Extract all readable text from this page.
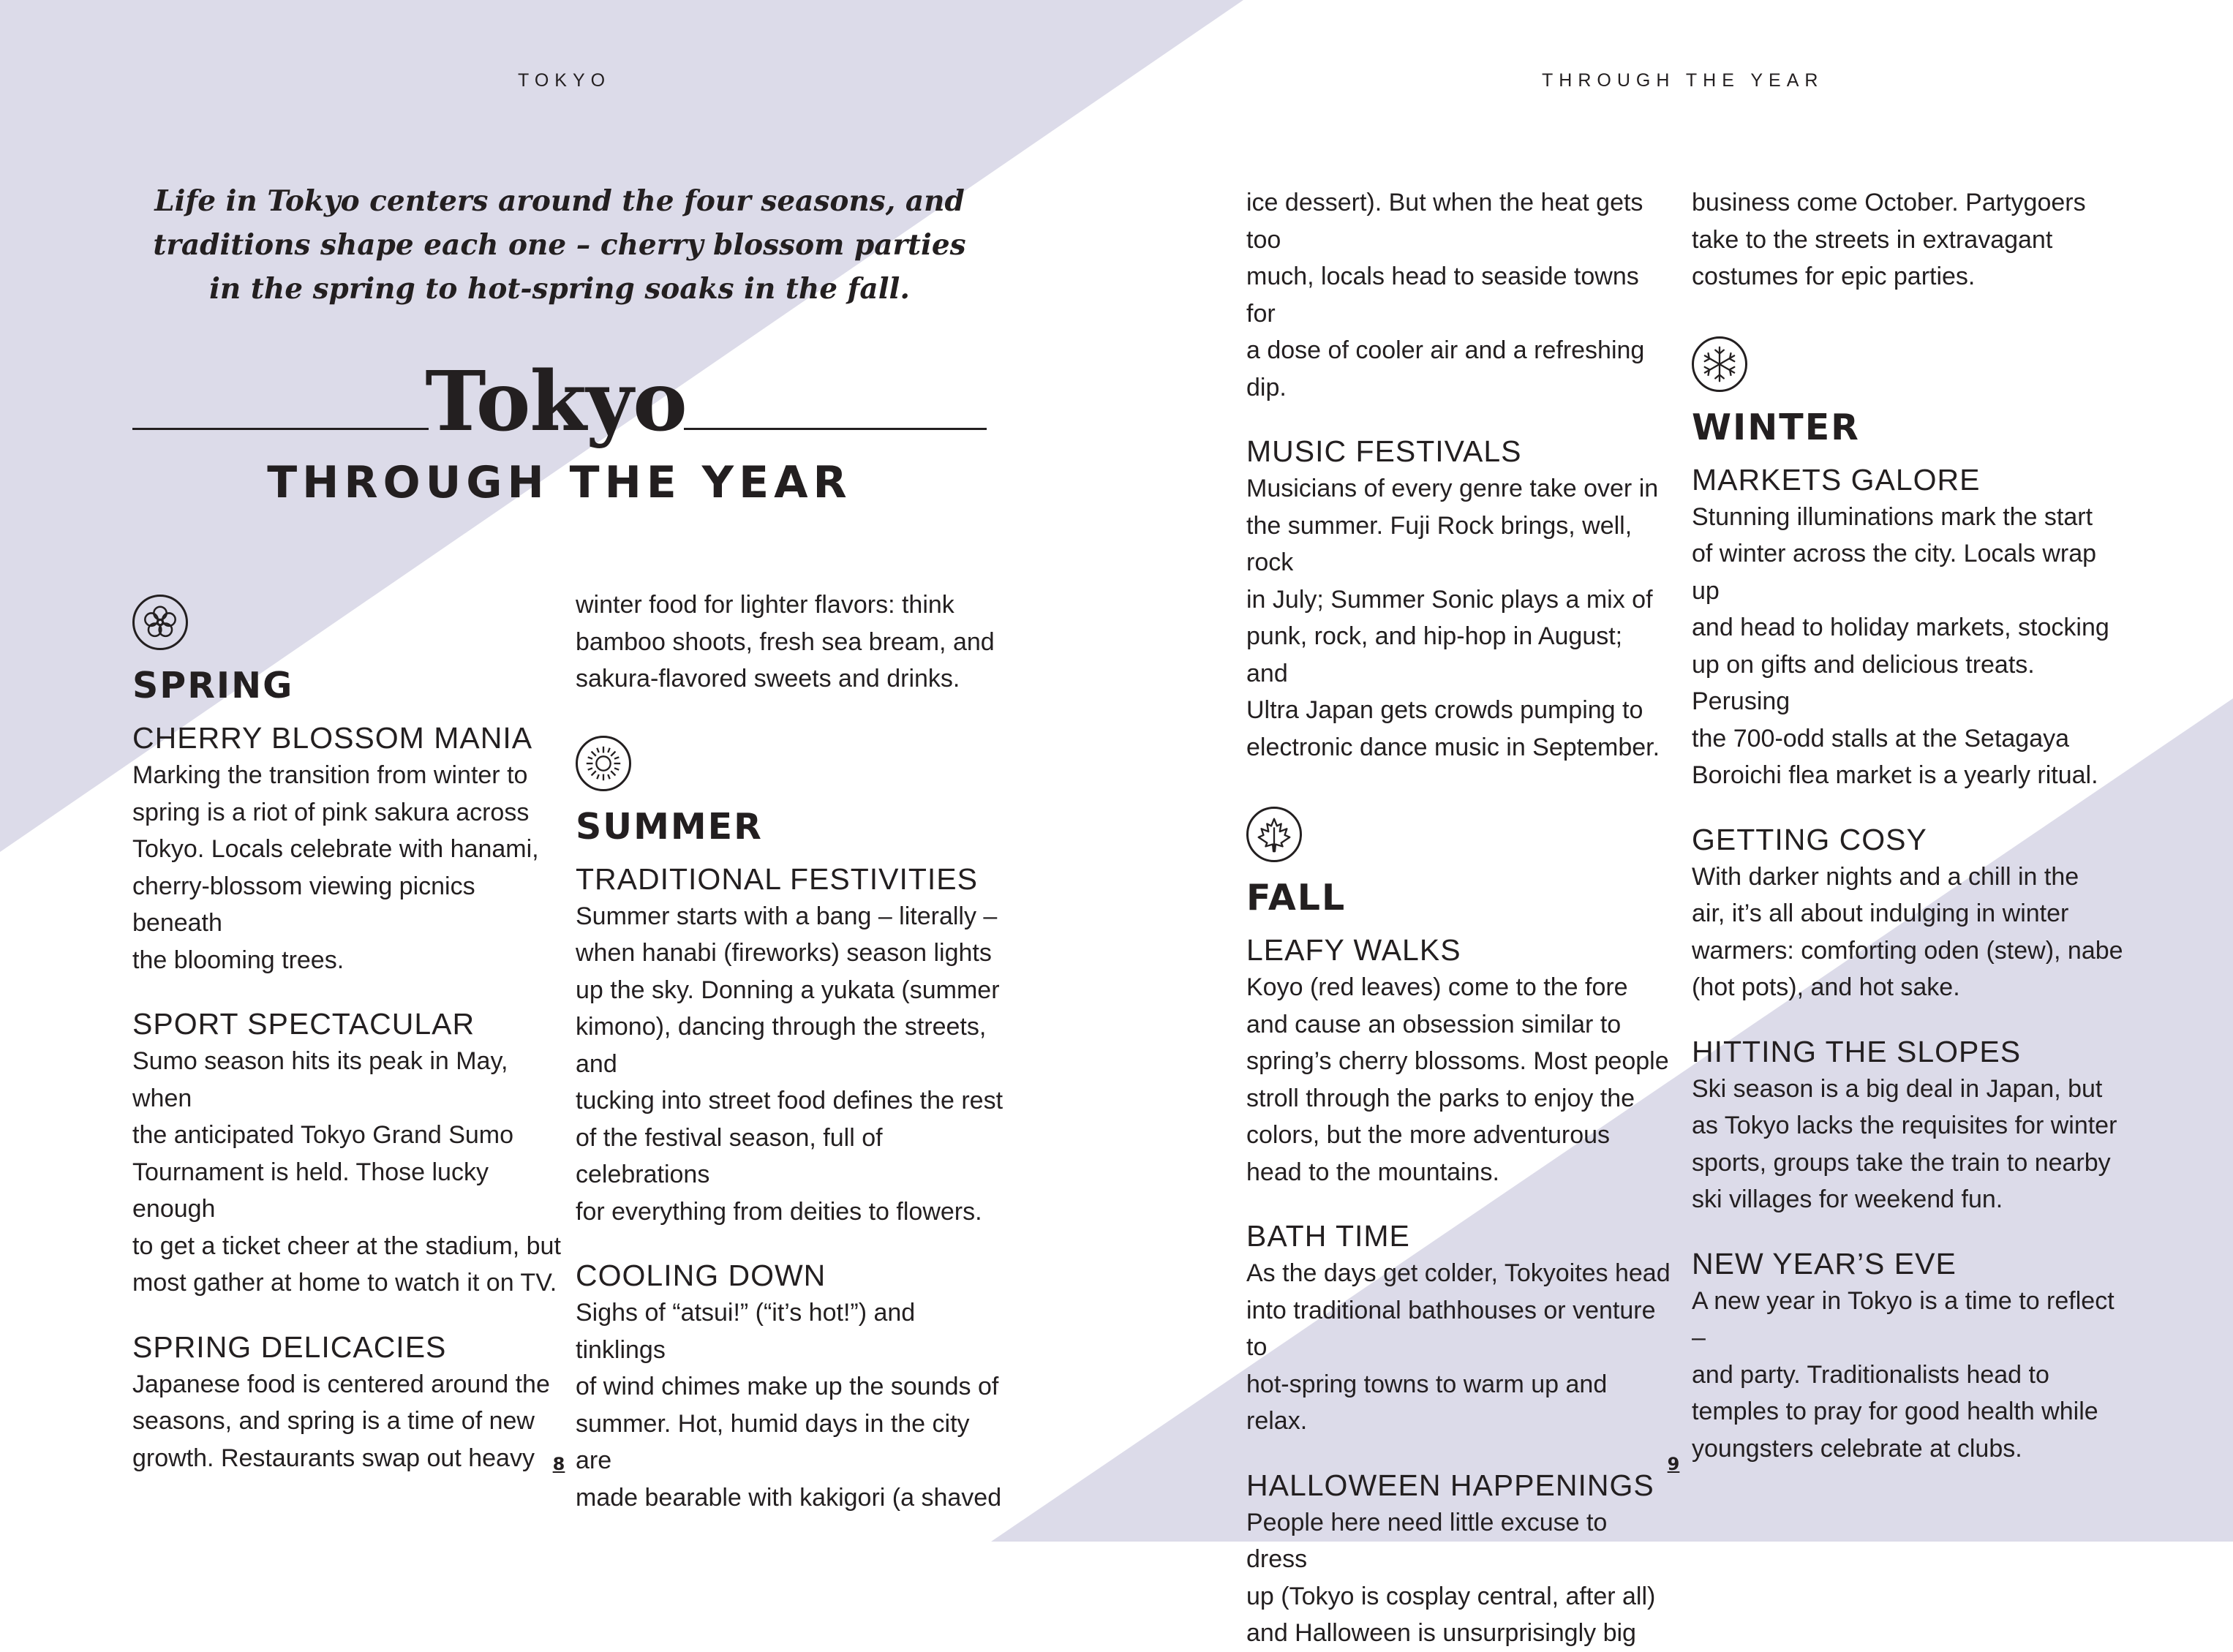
TOKYO	THROUGH THE YEAR
Life in Tokyo centers around the four seasons, and traditions shape each one – cherry blossom parties in the spring to hot-spring soaks in the fall.
Tokyo
THROUGH THE YEAR
SPRING
CHERRY BLOSSOM MANIA

Marking the transition from winter to
spring is a riot of pink sakura across
Tokyo. Locals celebrate with hanami,
cherry-blossom viewing picnics beneath
the blooming trees.

SPORT SPECTACULAR

Sumo season hits its peak in May, when
the anticipated Tokyo Grand Sumo
Tournament is held. Those lucky enough
to get a ticket cheer at the stadium, but
most gather at home to watch it on TV.

SPRING DELICACIES

Japanese food is centered around the
seasons, and spring is a time of new
growth. Restaurants swap out heavy

winter food for lighter flavors: think
bamboo shoots, fresh sea bream, and
sakura-flavored sweets and drinks.

SUMMER
TRADITIONAL FESTIVITIES

Summer starts with a bang – literally –
when hanabi (fireworks) season lights
up the sky. Donning a yukata (summer
kimono), dancing through the streets, and
tucking into street food defines the rest
of the festival season, full of celebrations
for everything from deities to flowers.

COOLING DOWN

Sighs of “atsui!” (“it’s hot!”) and tinklings
of wind chimes make up the sounds of
summer. Hot, humid days in the city are
made bearable with kakigori (a shaved

ice dessert). But when the heat gets too
much, locals head to seaside towns for
a dose of cooler air and a refreshing dip.

MUSIC FESTIVALS

Musicians of every genre take over in
the summer. Fuji Rock brings, well, rock
in July; Summer Sonic plays a mix of
punk, rock, and hip-hop in August; and
Ultra Japan gets crowds pumping to
electronic dance music in September.

FALL
LEAFY WALKS

Koyo (red leaves) come to the fore
and cause an obsession similar to
spring’s cherry blossoms. Most people
stroll through the parks to enjoy the
colors, but the more adventurous
head to the mountains.

BATH TIME

As the days get colder, Tokyoites head
into traditional bathhouses or venture to
hot-spring towns to warm up and relax.

HALLOWEEN HAPPENINGS

People here need little excuse to dress
up (Tokyo is cosplay central, after all)
and Halloween is unsurprisingly big

business come October. Partygoers
take to the streets in extravagant
costumes for epic parties.

WINTER
MARKETS GALORE

Stunning illuminations mark the start
of winter across the city. Locals wrap up
and head to holiday markets, stocking
up on gifts and delicious treats. Perusing
the 700-odd stalls at the Setagaya
Boroichi flea market is a yearly ritual.

GETTING COSY

With darker nights and a chill in the
air, it’s all about indulging in winter
warmers: comforting oden (stew), nabe
(hot pots), and hot sake.

HITTING THE SLOPES

Ski season is a big deal in Japan, but
as Tokyo lacks the requisites for winter
sports, groups take the train to nearby
ski villages for weekend fun.

NEW YEAR’S EVE

A new year in Tokyo is a time to reflect –
and party. Traditionalists head to
temples to pray for good health while
youngsters celebrate at clubs.

8	9
